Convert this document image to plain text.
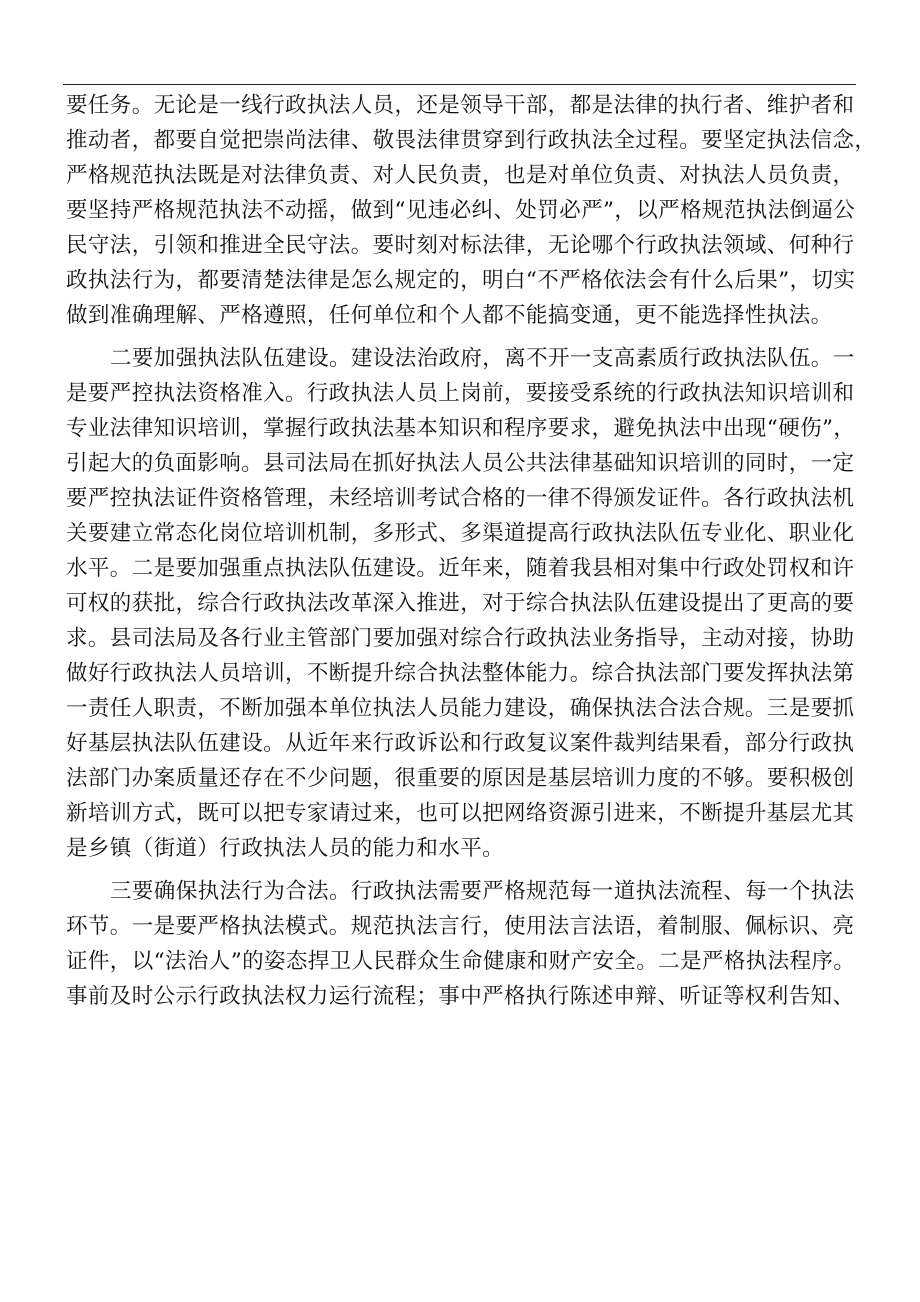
要任务。无论是一线行政执法人员，还是领导干部，都是法律的执行者、维护者和
推动者，都要自觉把崇尚法律、敬畏法律贯穿到行政执法全过程。要坚定执法信念，
严格规范执法既是对法律负责、对人民负责，也是对单位负责、对执法人员负责，
要坚持严格规范执法不动摇，做到“见违必纠、处罚必严”，以严格规范执法倒逼公
民守法，引领和推进全民守法。要时刻对标法律，无论哪个行政执法领域、何种行
政执法行为，都要清楚法律是怎么规定的，明白“不严格依法会有什么后果”，切实
做到准确理解、严格遵照，任何单位和个人都不能搞变通，更不能选择性执法。
二要加强执法队伍建设。建设法治政府，离不开一支高素质行政执法队伍。一
是要严控执法资格准入。行政执法人员上岗前，要接受系统的行政执法知识培训和
专业法律知识培训，掌握行政执法基本知识和程序要求，避免执法中出现“硬伤”，
引起大的负面影响。县司法局在抓好执法人员公共法律基础知识培训的同时，一定
要严控执法证件资格管理，未经培训考试合格的一律不得颁发证件。各行政执法机
关要建立常态化岗位培训机制，多形式、多渠道提高行政执法队伍专业化、职业化
水平。二是要加强重点执法队伍建设。近年来，随着我县相对集中行政处罚权和许
可权的获批，综合行政执法改革深入推进，对于综合执法队伍建设提出了更高的要
求。县司法局及各行业主管部门要加强对综合行政执法业务指导，主动对接，协助
做好行政执法人员培训，不断提升综合执法整体能力。综合执法部门要发挥执法第
一责任人职责，不断加强本单位执法人员能力建设，确保执法合法合规。三是要抓
好基层执法队伍建设。从近年来行政诉讼和行政复议案件裁判结果看，部分行政执
法部门办案质量还存在不少问题，很重要的原因是基层培训力度的不够。要积极创
新培训方式，既可以把专家请过来，也可以把网络资源引进来，不断提升基层尤其
是乡镇（街道）行政执法人员的能力和水平。
三要确保执法行为合法。行政执法需要严格规范每一道执法流程、每一个执法
环节。一是要严格执法模式。规范执法言行，使用法言法语，着制服、佩标识、亮
证件，以“法治人”的姿态捍卫人民群众生命健康和财产安全。二是严格执法程序。
事前及时公示行政执法权力运行流程；事中严格执行陈述申辩、听证等权利告知、
